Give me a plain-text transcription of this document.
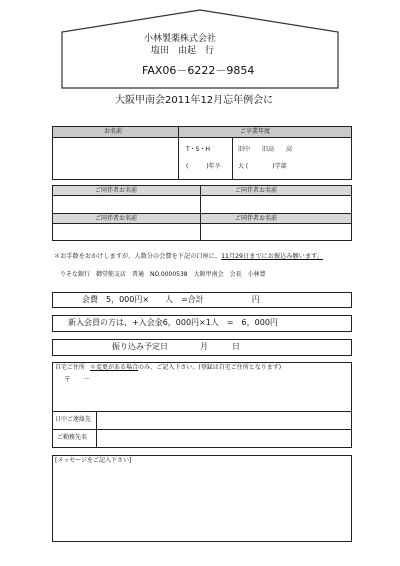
小林製薬株式会社
塩田　由起　行
FAX06－6222－9854
大阪甲南会2011年12月忘年例会に
お名前	ご卒業年度
T・S・H
(　　　)年卒
旧中　　旧高　　高
大 (　　　　)学部
ご同伴者お名前	ご同伴者お名前
ご同伴者お名前	ご同伴者お名前
＊お手数をおかけしますが、人数分の会費を下記の口座に、11月29日までにお振込み願います。
りそな銀行　御堂筋支店　普通　NO.0000538　大阪甲南会　会長　小林豊
会費　5，000円×　　人　=合計　　　　　　円
新入会員の方は、+入会金6，000円×1人　=　6，000円
振り込み予定日　　　　月　　　日
自宅ご住所 ＊変更がある場合のみ、ご記入下さい。(登録は自宅ご住所となります)
〒　　－
日中ご連絡先
ご勤務先名
[メッセージをご記入下さい]
